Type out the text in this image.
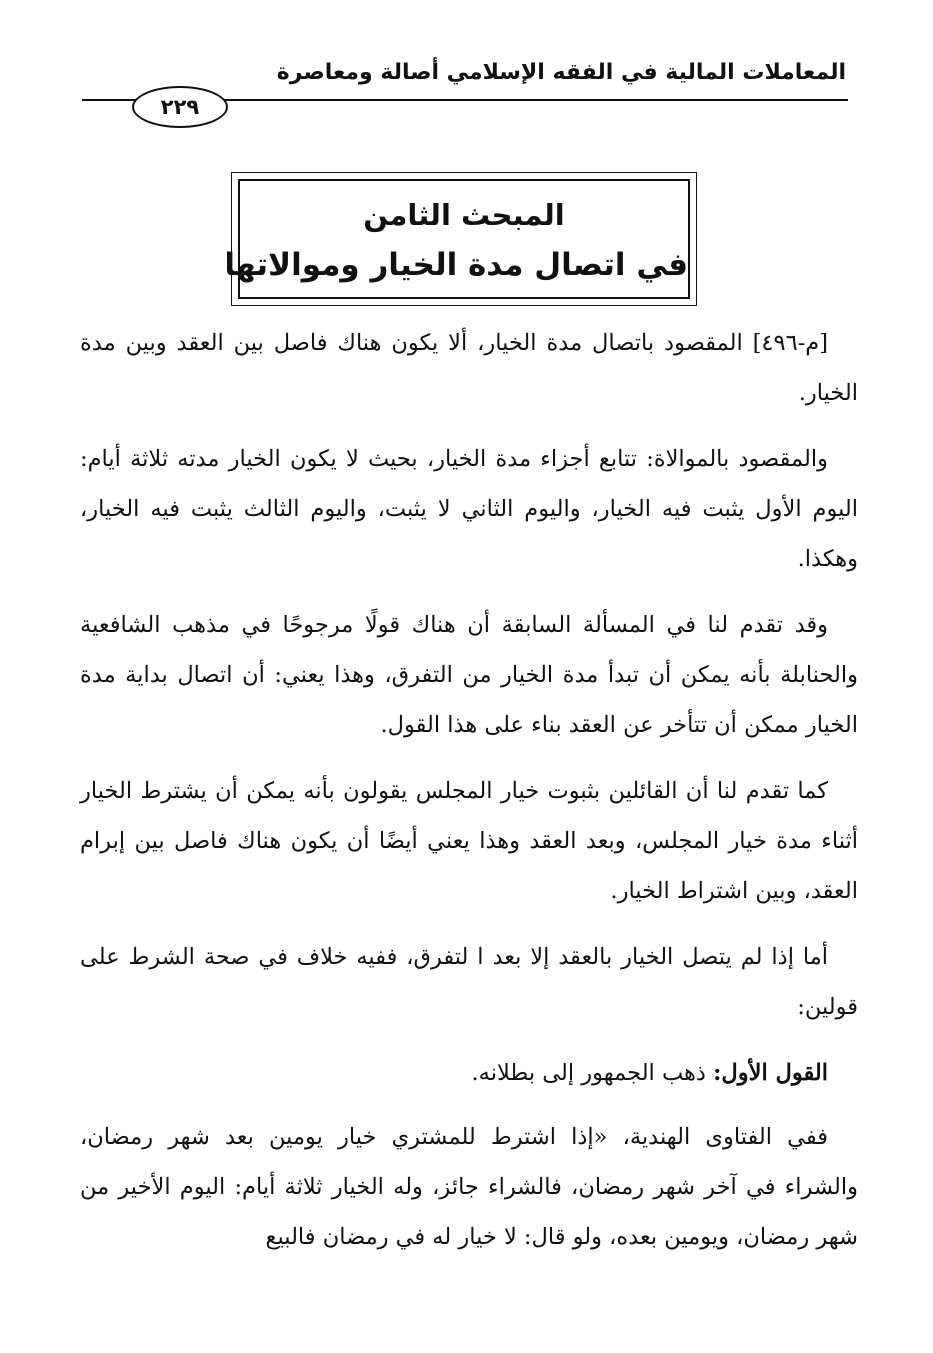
المعاملات المالية في الفقه الإسلامي أصالة ومعاصرة
٢٢٩
المبحث الثامن
في اتصال مدة الخيار وموالاتها

[م-٤٩٦] المقصود باتصال مدة الخيار، ألا يكون هناك فاصل بين العقد وبين مدة الخيار.

والمقصود بالموالاة: تتابع أجزاء مدة الخيار، بحيث لا يكون الخيار مدته ثلاثة أيام: اليوم الأول يثبت فيه الخيار، واليوم الثاني لا يثبت، واليوم الثالث يثبت فيه الخيار، وهكذا.

وقد تقدم لنا في المسألة السابقة أن هناك قولًا مرجوحًا في مذهب الشافعية والحنابلة بأنه يمكن أن تبدأ مدة الخيار من التفرق، وهذا يعني: أن اتصال بداية مدة الخيار ممكن أن تتأخر عن العقد بناء على هذا القول.

كما تقدم لنا أن القائلين بثبوت خيار المجلس يقولون بأنه يمكن أن يشترط الخيار أثناء مدة خيار المجلس، وبعد العقد وهذا يعني أيضًا أن يكون هناك فاصل بين إبرام العقد، وبين اشتراط الخيار.

أما إذا لم يتصل الخيار بالعقد إلا بعد ا لتفرق، ففيه خلاف في صحة الشرط على قولين:

القول الأول: ذهب الجمهور إلى بطلانه.

ففي الفتاوى الهندية، «إذا اشترط للمشتري خيار يومين بعد شهر رمضان، والشراء في آخر شهر رمضان، فالشراء جائز، وله الخيار ثلاثة أيام: اليوم الأخير من شهر رمضان، ويومين بعده، ولو قال: لا خيار له في رمضان فالبيع
